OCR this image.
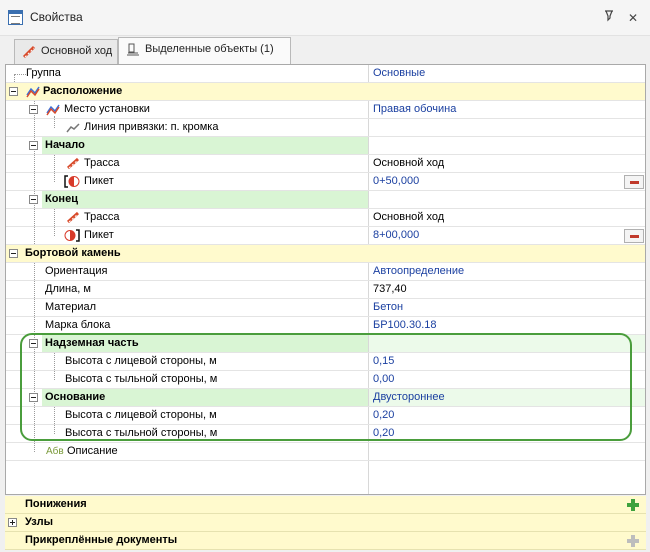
Свойства	✕
Основной ход	Выделенные объекты (1)
Группа	Основные
Расположение
Место установки	Правая обочина
Линия привязки: п. кромка
Начало
Трасса	Основной ход
Пикет	0+50,000
Конец
Трасса	Основной ход
Пикет	8+00,000
Бортовой камень
Ориентация	Автоопределение
Длина, м	737,40
Материал	Бетон
Марка блока	БР100.30.18
Надземная часть
Высота с лицевой стороны, м	0,15
Высота с тыльной стороны, м	0,00
Основание	Двустороннее
Высота с лицевой стороны, м	0,20
Высота с тыльной стороны, м	0,20
Абв Описание
Понижения
Узлы
Прикреплённые документы
